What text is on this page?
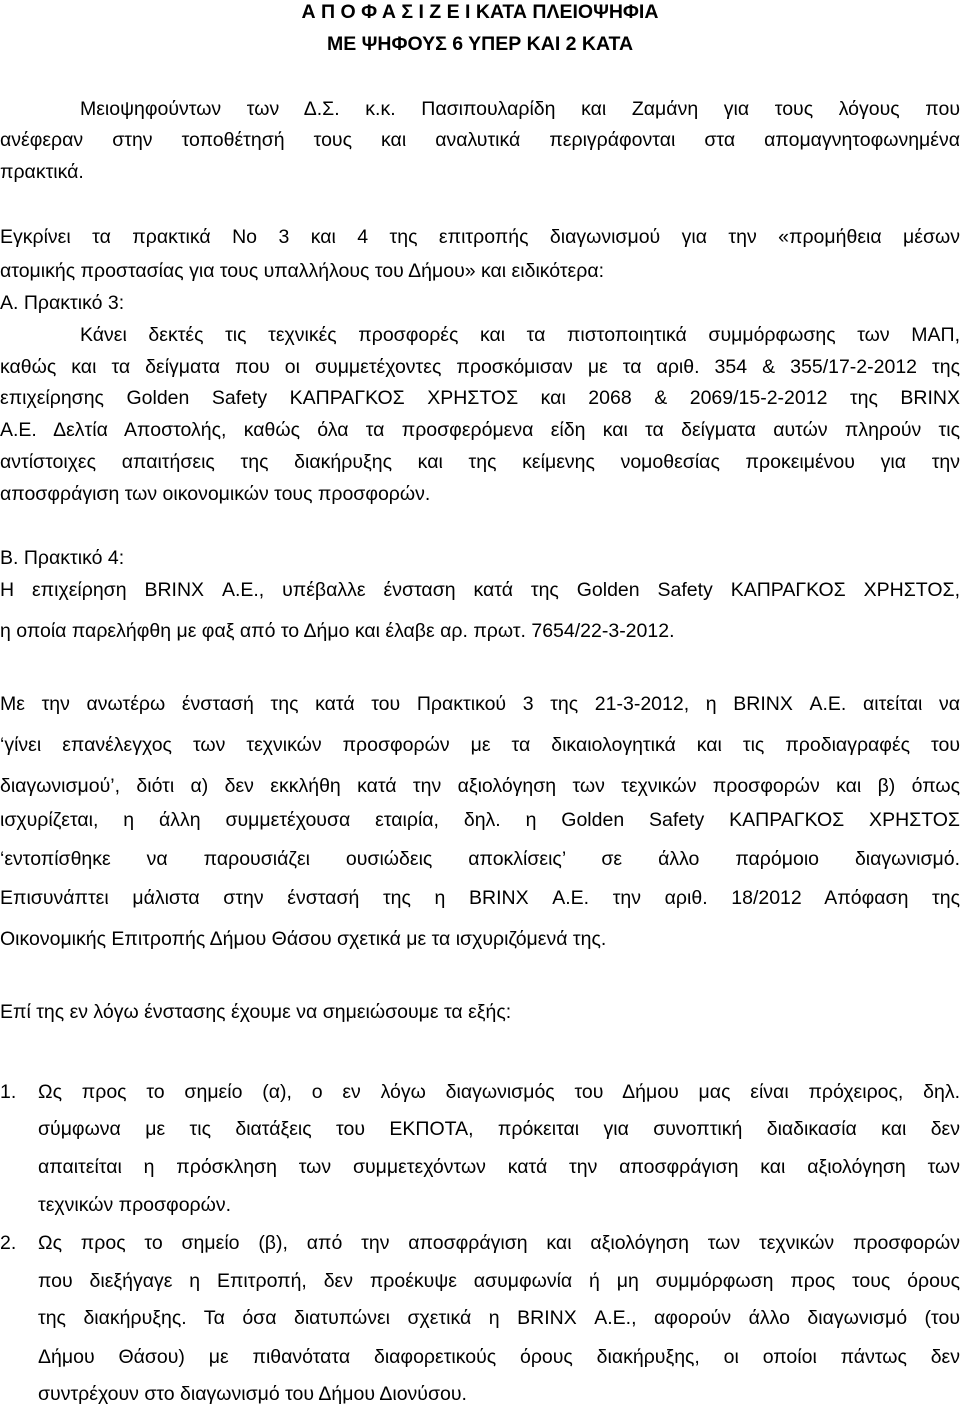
Α Π Ο Φ Α Σ Ι Ζ Ε Ι ΚΑΤΑ ΠΛΕΙΟΨΗΦΙΑ
ΜΕ ΨΗΦΟΥΣ 6 ΥΠΕΡ ΚΑΙ 2 ΚΑΤΑ
Μειοψηφούντων των Δ.Σ. κ.κ. Πασιπουλαρίδη και Ζαμάνη για τους λόγους που
ανέφεραν στην τοποθέτησή τους και αναλυτικά περιγράφονται στα απομαγνητοφωνημένα
πρακτικά.
Εγκρίνει τα πρακτικά Νο 3 και 4 της επιτροπής διαγωνισμού για την «προμήθεια μέσων
ατομικής προστασίας για τους υπαλλήλους του Δήμου» και ειδικότερα:
Α. Πρακτικό 3:
Κάνει δεκτές τις τεχνικές προσφορές και τα πιστοποιητικά συμμόρφωσης των ΜΑΠ,
καθώς και τα δείγματα που οι συμμετέχοντες προσκόμισαν με τα αριθ. 354 & 355/17-2-2012 της
επιχείρησης Golden Safety ΚΑΠΡΑΓΚΟΣ ΧΡΗΣΤΟΣ και 2068 & 2069/15-2-2012 της BRINX
Α.Ε. Δελτία Αποστολής, καθώς όλα τα προσφερόμενα είδη και τα δείγματα αυτών πληρούν τις
αντίστοιχες απαιτήσεις της διακήρυξης και της κείμενης νομοθεσίας προκειμένου για την
αποσφράγιση των οικονομικών τους προσφορών.
Β. Πρακτικό 4:
Η επιχείρηση BRINX Α.Ε., υπέβαλλε ένσταση κατά της Golden Safety ΚΑΠΡΑΓΚΟΣ ΧΡΗΣΤΟΣ,
η οποία παρελήφθη με φαξ από το Δήμο και έλαβε αρ. πρωτ. 7654/22-3-2012.
Με την ανωτέρω ένστασή της κατά του Πρακτικού 3 της 21-3-2012, η BRINX Α.Ε. αιτείται να
‘γίνει επανέλεγχος των τεχνικών προσφορών με τα δικαιολογητικά και τις προδιαγραφές του
διαγωνισμού’, διότι α) δεν εκκλήθη κατά την αξιολόγηση των τεχνικών προσφορών και β) όπως
ισχυρίζεται, η άλλη συμμετέχουσα εταιρία, δηλ. η Golden Safety ΚΑΠΡΑΓΚΟΣ ΧΡΗΣΤΟΣ
‘εντοπίσθηκε να παρουσιάζει ουσιώδεις αποκλίσεις’ σε άλλο παρόμοιο διαγωνισμό.
Επισυνάπτει μάλιστα στην ένστασή της η BRINX Α.Ε. την αριθ. 18/2012 Απόφαση της
Οικονομικής Επιτροπής Δήμου Θάσου σχετικά με τα ισχυριζόμενά της.
Επί της εν λόγω ένστασης έχουμε να σημειώσουμε τα εξής:
1.	Ως προς το σημείο (α), ο εν λόγω διαγωνισμός του Δήμου μας είναι πρόχειρος, δηλ.
σύμφωνα με τις διατάξεις του ΕΚΠΟΤΑ, πρόκειται για συνοπτική διαδικασία και δεν
απαιτείται η πρόσκληση των συμμετεχόντων κατά την αποσφράγιση και αξιολόγηση των
τεχνικών προσφορών.
2.	Ως προς το σημείο (β), από την αποσφράγιση και αξιολόγηση των τεχνικών προσφορών
που διεξήγαγε η Επιτροπή, δεν προέκυψε ασυμφωνία ή μη συμμόρφωση προς τους όρους
της διακήρυξης. Τα όσα διατυπώνει σχετικά η BRINX Α.Ε., αφορούν άλλο διαγωνισμό (του
Δήμου Θάσου) με πιθανότατα διαφορετικούς όρους διακήρυξης, οι οποίοι πάντως δεν
συντρέχουν στο διαγωνισμό του Δήμου Διονύσου.
